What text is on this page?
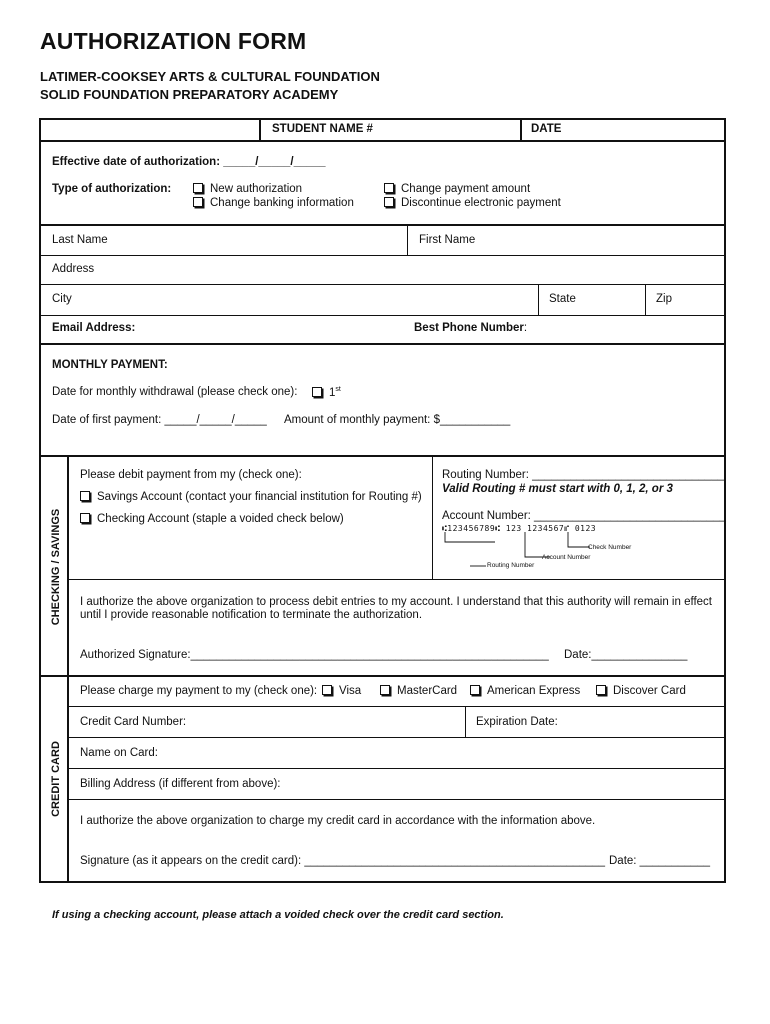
AUTHORIZATION FORM
LATIMER-COOKSEY ARTS & CULTURAL FOUNDATION
SOLID FOUNDATION PREPARATORY ACADEMY
STUDENT NAME #	DATE
Effective date of authorization: _____/_____/_____
Type of authorization:	New authorization
Change banking information
Change payment amount
Discontinue electronic payment
Last Name	First Name
Address
City	State	Zip
Email Address:	Best Phone Number:
MONTHLY PAYMENT:
Date for monthly withdrawal (please check one):	1st
Date of first payment: _____/_____/_____ Amount of monthly payment: $___________
CHECKING / SAVINGS
Please debit payment from my (check one):
Savings Account (contact your financial institution for Routing #)
Checking Account (staple a voided check below)
Routing Number: ______________________________
Valid Routing # must start with 0, 1, 2, or 3
Account Number: ______________________________
⑆123456789⑆ 123 1234567⑈ 0123
Check Number
Account Number
Routing Number
I authorize the above organization to process debit entries to my account. I understand that this authority will remain in effect
until I provide reasonable notification to terminate the authorization.
Authorized Signature:________________________________________________________ Date:_______________
CREDIT CARD
Please charge my payment to my (check one):	Visa	MasterCard	American Express	Discover Card
Credit Card Number:	Expiration Date:
Name on Card:
Billing Address (if different from above):
I authorize the above organization to charge my credit card in accordance with the information above.
Signature (as it appears on the credit card): _______________________________________________ Date: ___________
If using a checking account, please attach a voided check over the credit card section.
